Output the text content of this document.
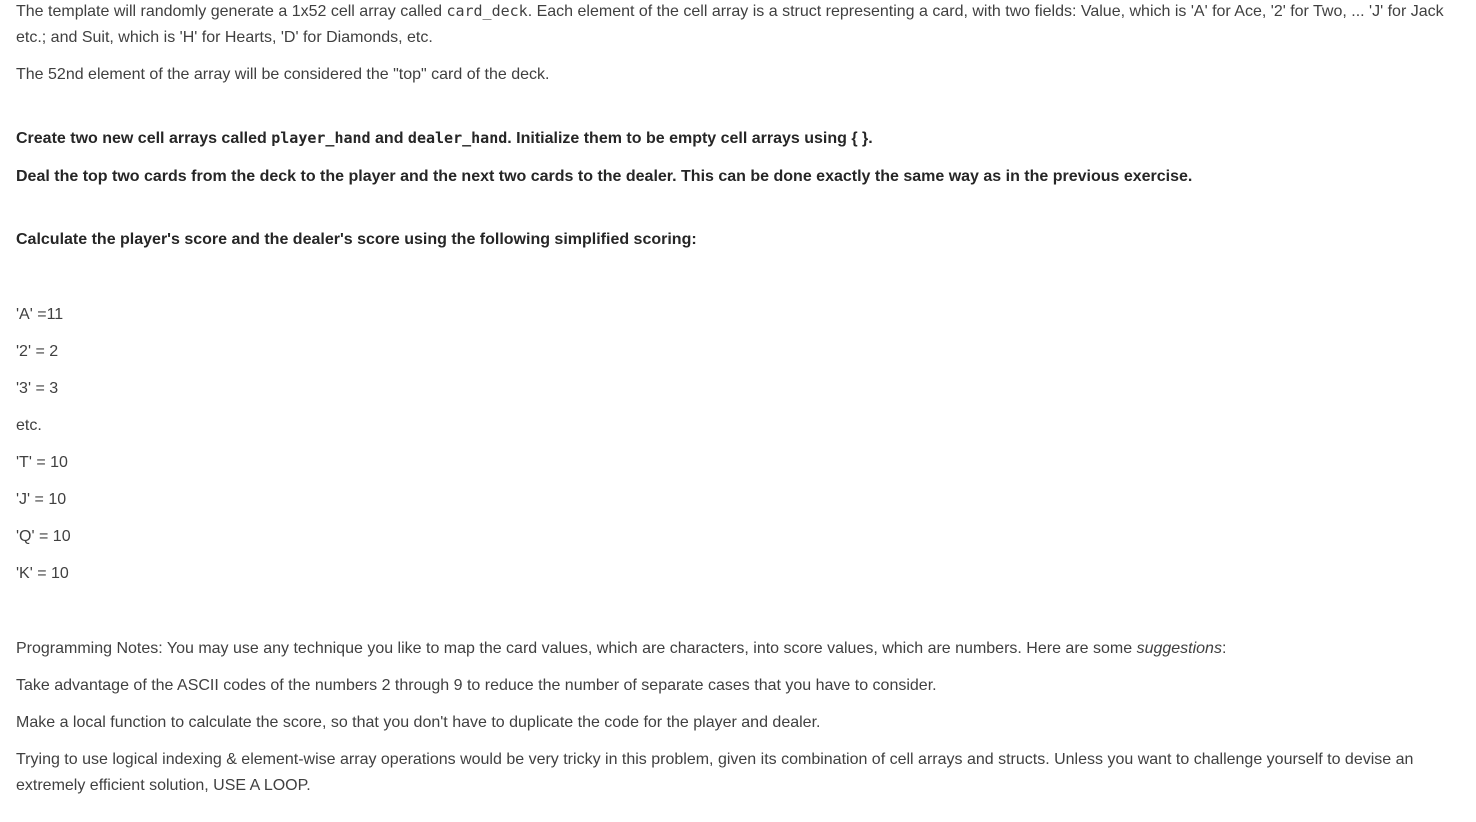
The template will randomly generate a 1x52 cell array called card_deck. Each element of the cell array is a struct representing a card, with two fields: Value, which is 'A' for Ace, '2' for Two, ... 'J' for Jack etc.; and Suit, which is 'H' for Hearts, 'D' for Diamonds, etc.

The 52nd element of the array will be considered the "top" card of the deck.

Create two new cell arrays called player_hand and dealer_hand. Initialize them to be empty cell arrays using { }.

Deal the top two cards from the deck to the player and the next two cards to the dealer. This can be done exactly the same way as in the previous exercise.

Calculate the player's score and the dealer's score using the following simplified scoring:

'A' =11

'2' = 2

'3' = 3

etc.

'T' = 10

'J' = 10

'Q' = 10

'K' = 10

Programming Notes: You may use any technique you like to map the card values, which are characters, into score values, which are numbers. Here are some suggestions:

Take advantage of the ASCII codes of the numbers 2 through 9 to reduce the number of separate cases that you have to consider.

Make a local function to calculate the score, so that you don't have to duplicate the code for the player and dealer.

Trying to use logical indexing & element-wise array operations would be very tricky in this problem, given its combination of cell arrays and structs. Unless you want to challenge yourself to devise an extremely efficient solution, USE A LOOP.
